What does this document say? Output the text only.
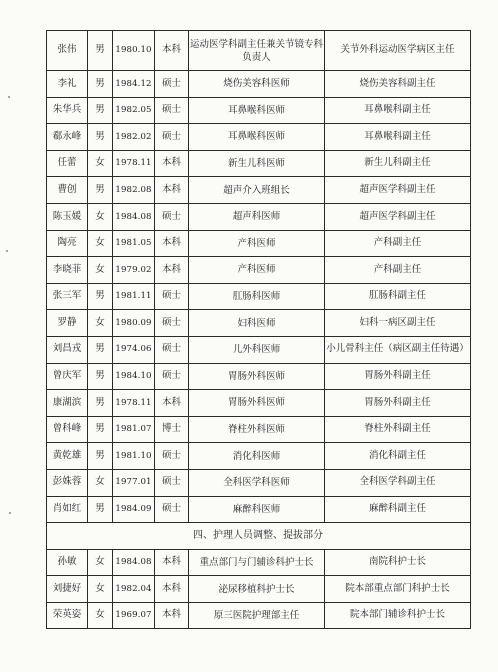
张伟	男	1980.10	本科	运动医学科副主任兼关节镜专科负责人	关节外科运动医学病区主任
李礼	男	1984.12	硕士	烧伤美容科医师	烧伤美容科副主任
朱华兵	男	1982.05	硕士	耳鼻喉科医师	耳鼻喉科副主任
郗永峰	男	1982.02	硕士	耳鼻喉科医师	耳鼻喉科副主任
任蕾	女	1978.11	本科	新生儿科医师	新生儿科副主任
曹创	男	1982.08	本科	超声介入班组长	超声医学科副主任
陈玉媛	女	1984.08	硕士	超声科医师	超声医学科副主任
陶亮	女	1981.05	本科	产科医师	产科副主任
李晓菲	女	1979.02	本科	产科医师	产科副主任
张三军	男	1981.11	硕士	肛肠科医师	肛肠科副主任
罗静	女	1980.09	硕士	妇科医师	妇科一病区副主任
刘昌戎	男	1974.06	硕士	儿外科医师	小儿骨科主任（病区副主任待遇）
曾庆军	男	1984.10	硕士	胃肠外科医师	胃肠外科副主任
康湖滨	男	1978.11	本科	胃肠外科医师	胃肠外科副主任
曾科峰	男	1981.07	博士	脊柱外科医师	脊柱外科副主任
黄乾雄	男	1981.10	硕士	消化科医师	消化科副主任
彭姝蓉	女	1977.01	硕士	全科医学科医师	全科医学科副主任
肖如红	男	1984.09	硕士	麻醉科医师	麻醉科副主任
四、护理人员调整、提拔部分					
孙敏	女	1984.08	本科	重点部门与门辅诊科护士长	南院科护士长
刘捷好	女	1982.04	本科	泌尿移植科护士长	院本部重点部门科护士长
荣英姿	女	1969.07	本科	原三医院护理部主任	院本部门辅诊科护士长
